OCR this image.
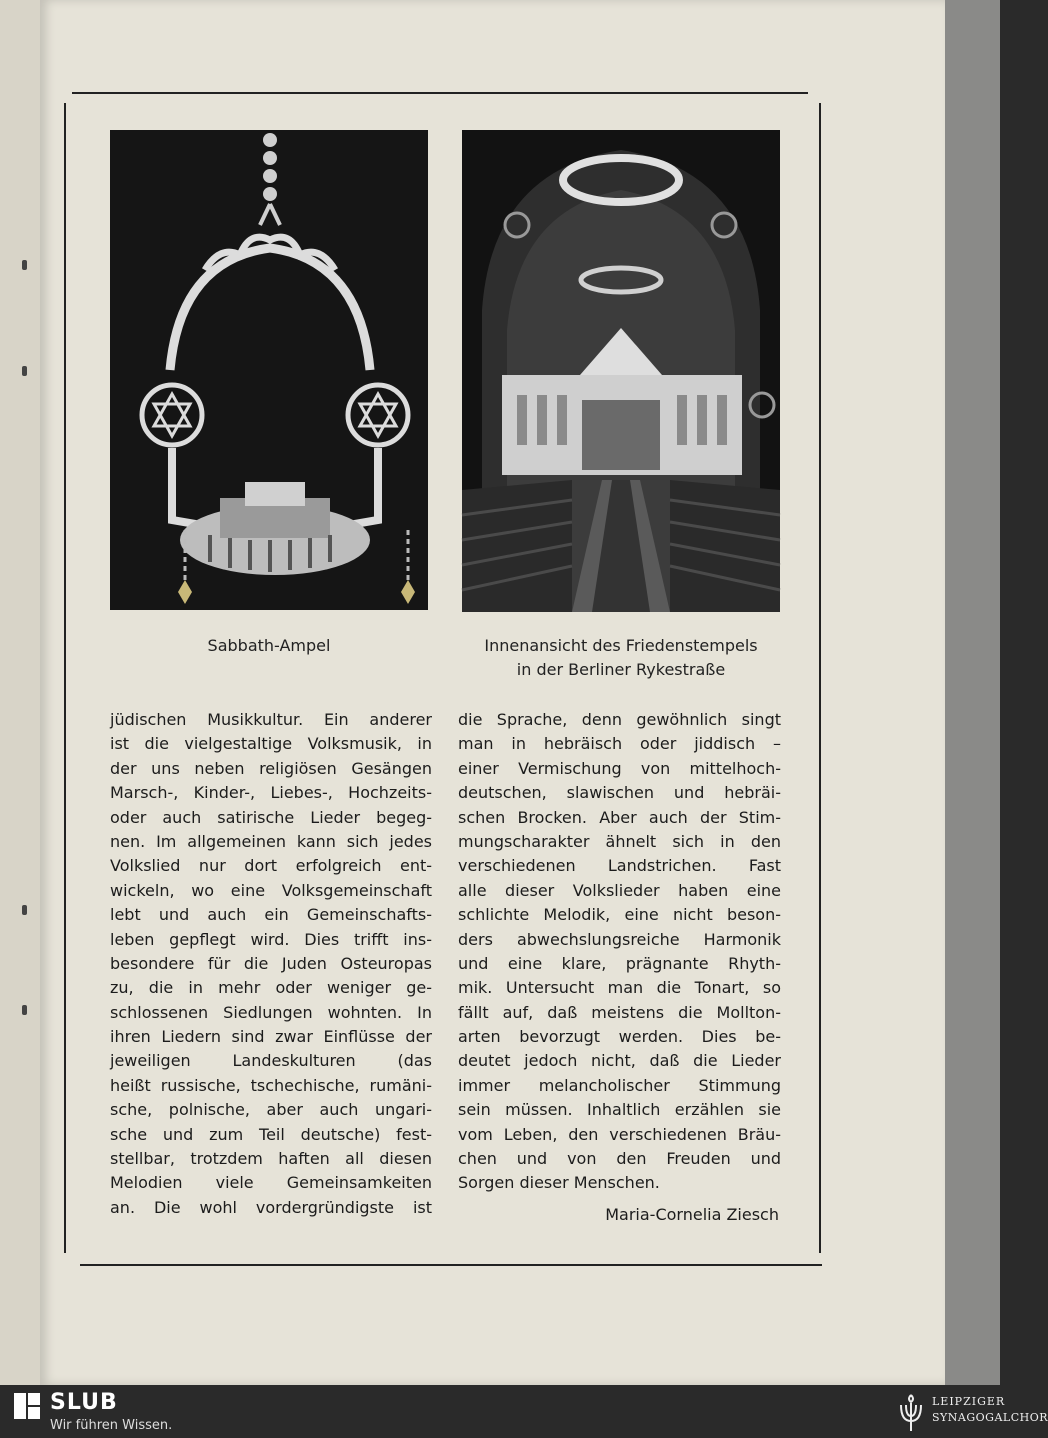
Sabbath-Ampel	Innenansicht des Friedenstempels
in der Berliner Rykestraße
jüdischen Musikkultur. Ein anderer
ist die vielgestaltige Volksmusik, in
der uns neben religiösen Gesängen
Marsch-, Kinder-, Liebes-, Hochzeits-
oder auch satirische Lieder begeg-
nen. Im allgemeinen kann sich jedes
Volkslied nur dort erfolgreich ent-
wickeln, wo eine Volksgemeinschaft
lebt und auch ein Gemeinschafts-
leben gepflegt wird. Dies trifft ins-
besondere für die Juden Osteuropas
zu, die in mehr oder weniger ge-
schlossenen Siedlungen wohnten. In
ihren Liedern sind zwar Einflüsse der
jeweiligen Landeskulturen (das
heißt russische, tschechische, rumäni-
sche, polnische, aber auch ungari-
sche und zum Teil deutsche) fest-
stellbar, trotzdem haften all diesen
Melodien viele Gemeinsamkeiten
an. Die wohl vordergründigste ist
die Sprache, denn gewöhnlich singt
man in hebräisch oder jiddisch –
einer Vermischung von mittelhoch-
deutschen, slawischen und hebräi-
schen Brocken. Aber auch der Stim-
mungscharakter ähnelt sich in den
verschiedenen Landstrichen. Fast
alle dieser Volkslieder haben eine
schlichte Melodik, eine nicht beson-
ders abwechslungsreiche Harmonik
und eine klare, prägnante Rhyth-
mik. Untersucht man die Tonart, so
fällt auf, daß meistens die Mollton-
arten bevorzugt werden. Dies be-
deutet jedoch nicht, daß die Lieder
immer melancholischer Stimmung
sein müssen. Inhaltlich erzählen sie
vom Leben, den verschiedenen Bräu-
chen und von den Freuden und
Sorgen dieser Menschen.
Maria-Cornelia Ziesch
SLUB
Wir führen Wissen.
LEIPZIGER
SYNAGOGALCHOR
